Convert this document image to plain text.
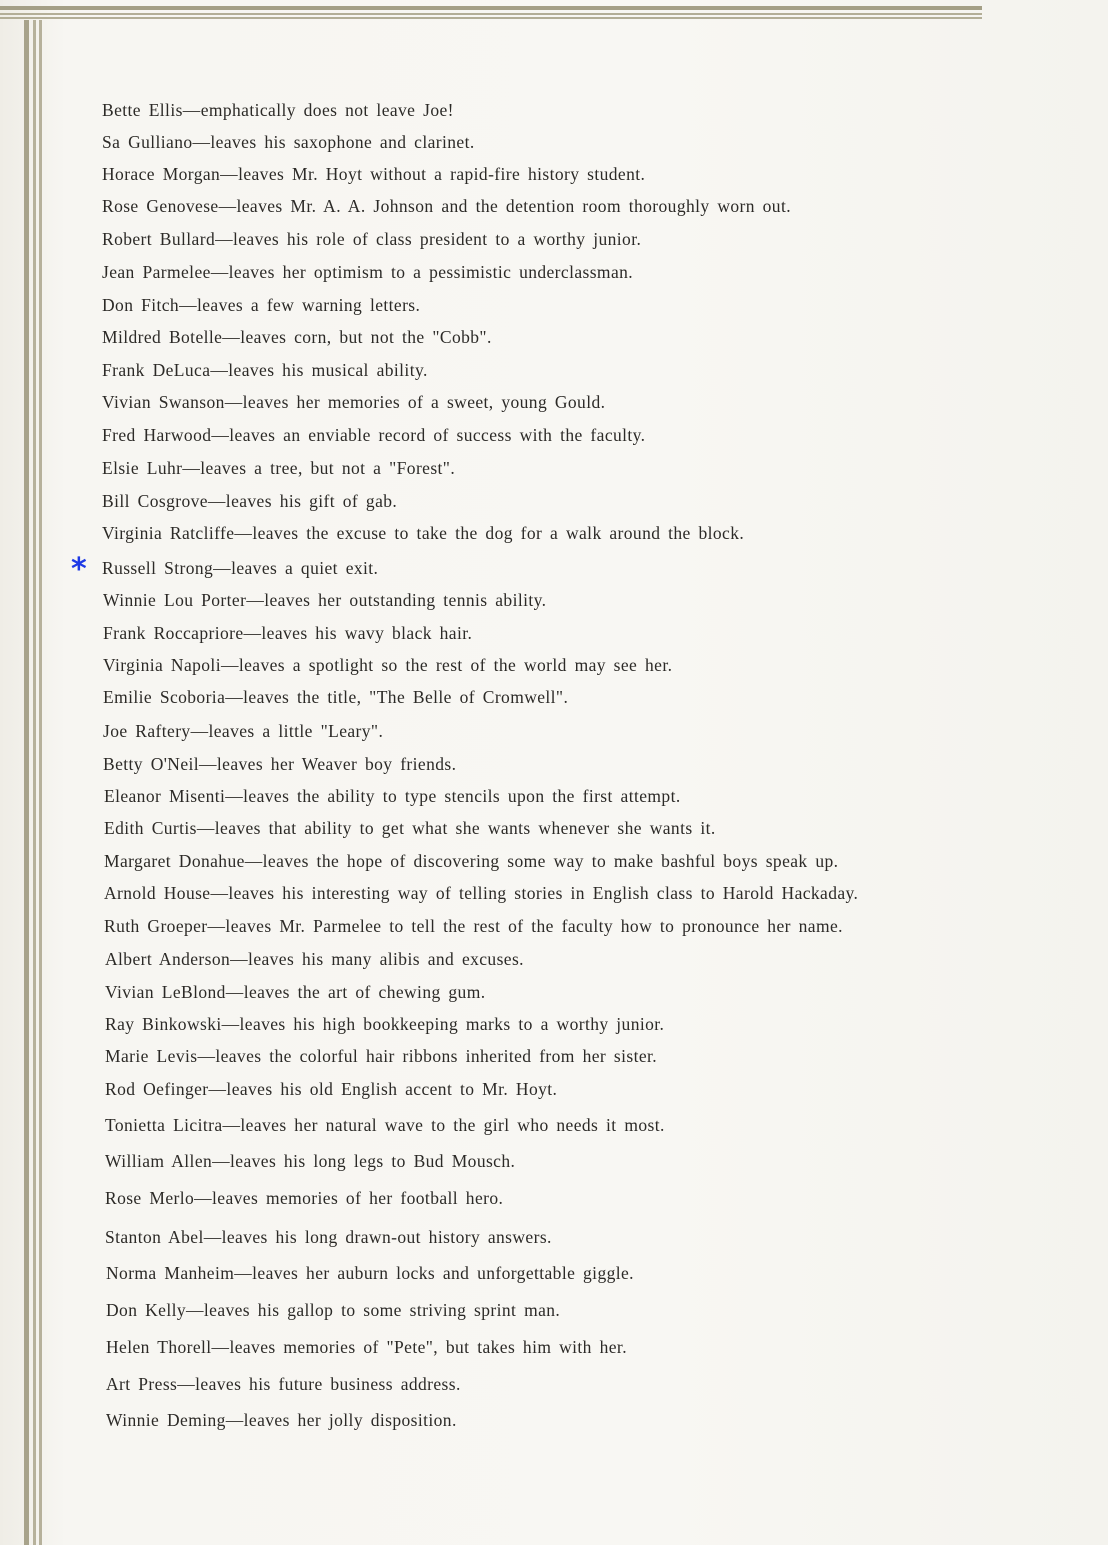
*
Bette Ellis—emphatically does not leave Joe!
Sa Gulliano—leaves his saxophone and clarinet.
Horace Morgan—leaves Mr. Hoyt without a rapid-fire history student.
Rose Genovese—leaves Mr. A. A. Johnson and the detention room thoroughly worn out.
Robert Bullard—leaves his role of class president to a worthy junior.
Jean Parmelee—leaves her optimism to a pessimistic underclassman.
Don Fitch—leaves a few warning letters.
Mildred Botelle—leaves corn, but not the "Cobb".
Frank DeLuca—leaves his musical ability.
Vivian Swanson—leaves her memories of a sweet, young Gould.
Fred Harwood—leaves an enviable record of success with the faculty.
Elsie Luhr—leaves a tree, but not a "Forest".
Bill Cosgrove—leaves his gift of gab.
Virginia Ratcliffe—leaves the excuse to take the dog for a walk around the block.
Russell Strong—leaves a quiet exit.
Winnie Lou Porter—leaves her outstanding tennis ability.
Frank Roccapriore—leaves his wavy black hair.
Virginia Napoli—leaves a spotlight so the rest of the world may see her.
Emilie Scoboria—leaves the title, "The Belle of Cromwell".
Joe Raftery—leaves a little "Leary".
Betty O'Neil—leaves her Weaver boy friends.
Eleanor Misenti—leaves the ability to type stencils upon the first attempt.
Edith Curtis—leaves that ability to get what she wants whenever she wants it.
Margaret Donahue—leaves the hope of discovering some way to make bashful boys speak up.
Arnold House—leaves his interesting way of telling stories in English class to Harold Hackaday.
Ruth Groeper—leaves Mr. Parmelee to tell the rest of the faculty how to pronounce her name.
Albert Anderson—leaves his many alibis and excuses.
Vivian LeBlond—leaves the art of chewing gum.
Ray Binkowski—leaves his high bookkeeping marks to a worthy junior.
Marie Levis—leaves the colorful hair ribbons inherited from her sister.
Rod Oefinger—leaves his old English accent to Mr. Hoyt.
Tonietta Licitra—leaves her natural wave to the girl who needs it most.
William Allen—leaves his long legs to Bud Mousch.
Rose Merlo—leaves memories of her football hero.
Stanton Abel—leaves his long drawn-out history answers.
Norma Manheim—leaves her auburn locks and unforgettable giggle.
Don Kelly—leaves his gallop to some striving sprint man.
Helen Thorell—leaves memories of "Pete", but takes him with her.
Art Press—leaves his future business address.
Winnie Deming—leaves her jolly disposition.
